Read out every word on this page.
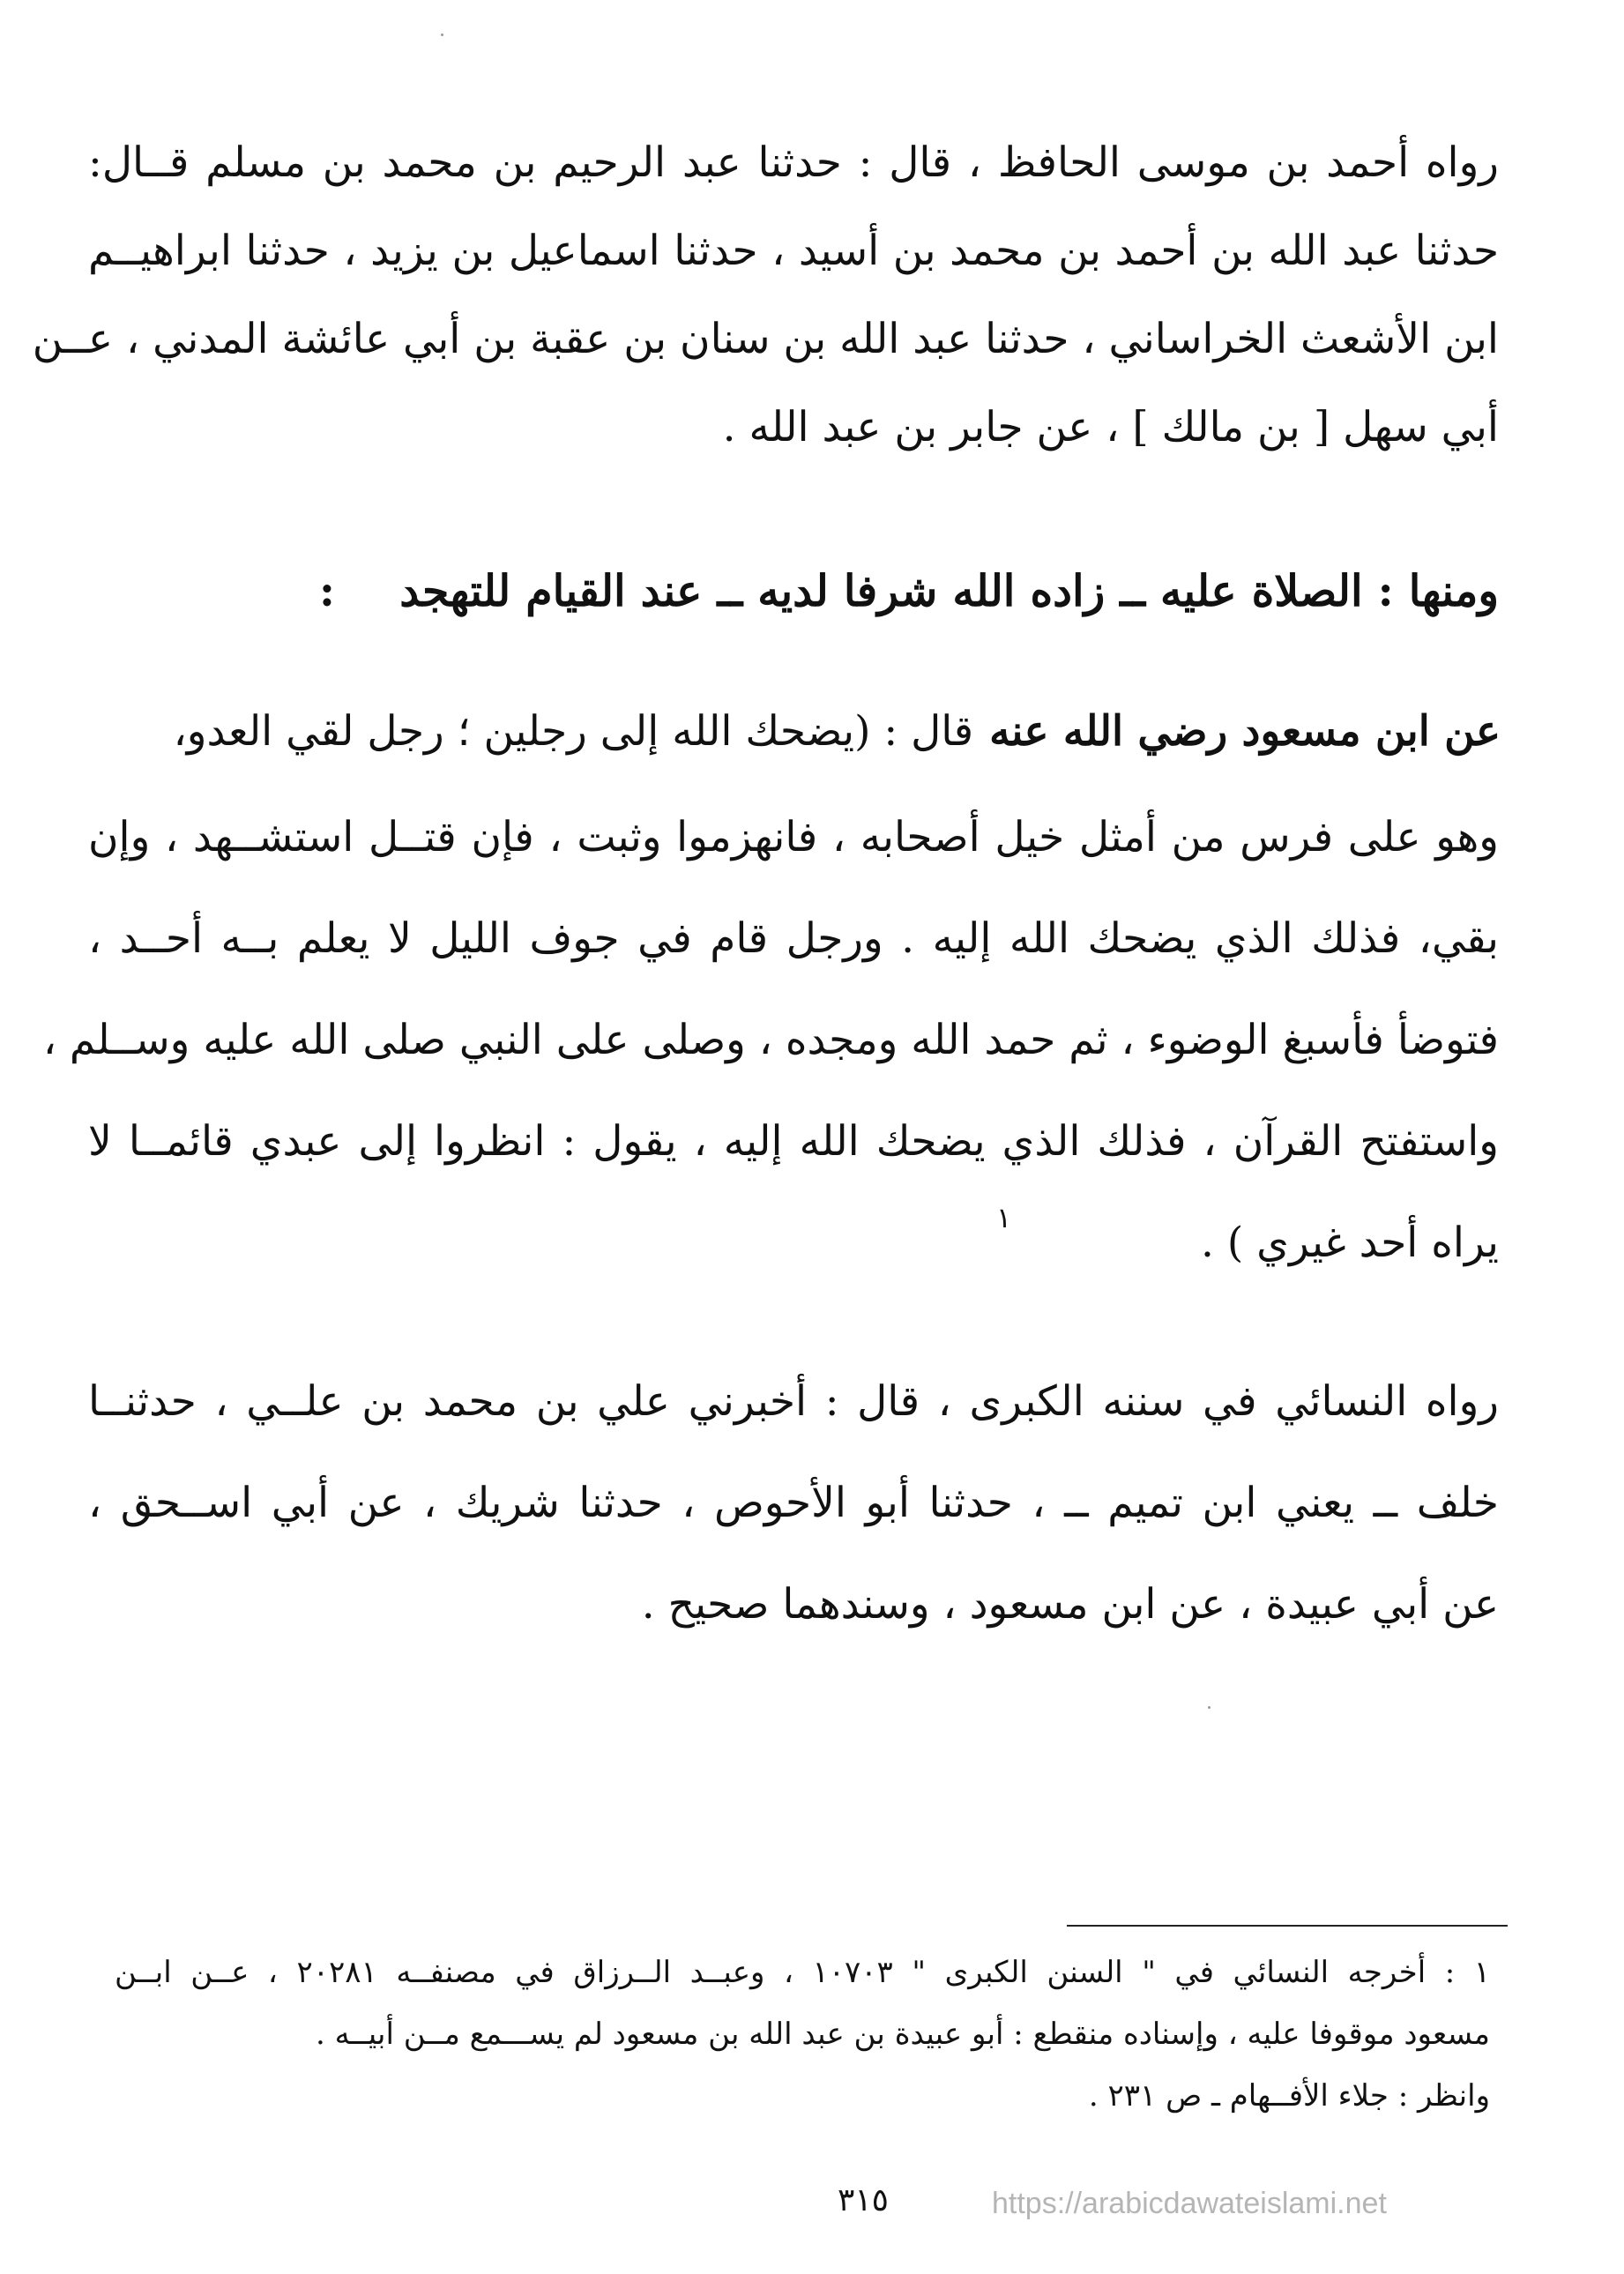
رواه أحمد بن موسى الحافظ ، قال : حدثنا عبد الرحيم بن محمد بن مسلم قــال:
حدثنا عبد الله بن أحمد بن محمد بن أسيد ، حدثنا اسماعيل بن يزيد ، حدثنا ابراهيــم
ابن الأشعث الخراساني ، حدثنا عبد الله بن سنان بن عقبة بن أبي عائشة المدني ، عــن
أبي سهل [ بن مالك ] ، عن جابر بن عبد الله .
ومنها : الصلاة عليه ــ زاده الله شرفا لديه ــ عند القيام للتهجد
:
عن ابن مسعود رضي الله عنه
قال : (يضحك الله إلى رجلين ؛ رجل لقي العدو،
وهو على فرس من أمثل خيل أصحابه ، فانهزموا وثبت ، فإن قتــل استشــهد ، وإن
بقي، فذلك الذي يضحك الله إليه . ورجل قام في جوف الليل لا يعلم بــه أحــد ،
فتوضأ فأسبغ الوضوء ، ثم حمد الله ومجده ، وصلى على النبي صلى الله عليه وســلم ،
واستفتح القرآن ، فذلك الذي يضحك الله إليه ، يقول : انظروا إلى عبدي قائمــا لا
يراه أحد غيري ) .
١
رواه النسائي في سننه الكبرى ، قال : أخبرني علي بن محمد بن علــي ، حدثنــا
خلف ــ يعني ابن تميم ــ ، حدثنا أبو الأحوص ، حدثنا شريك ، عن أبي اســحق ،
عن أبي عبيدة ، عن ابن مسعود ، وسندهما صحيح .
١ : أخرجه النسائي في " السنن الكبرى " ١٠٧٠٣ ، وعبــد الــرزاق في مصنفــه ٢٠٢٨١ ، عــن ابــن
مسعود موقوفا عليه ، وإسناده منقطع : أبو عبيدة بن عبد الله بن مسعود لم يســـمع مــن أبيــه .
وانظر : جلاء الأفــهام ـ ص ٢٣١ .
٣١٥	https://arabicdawateislami.net
